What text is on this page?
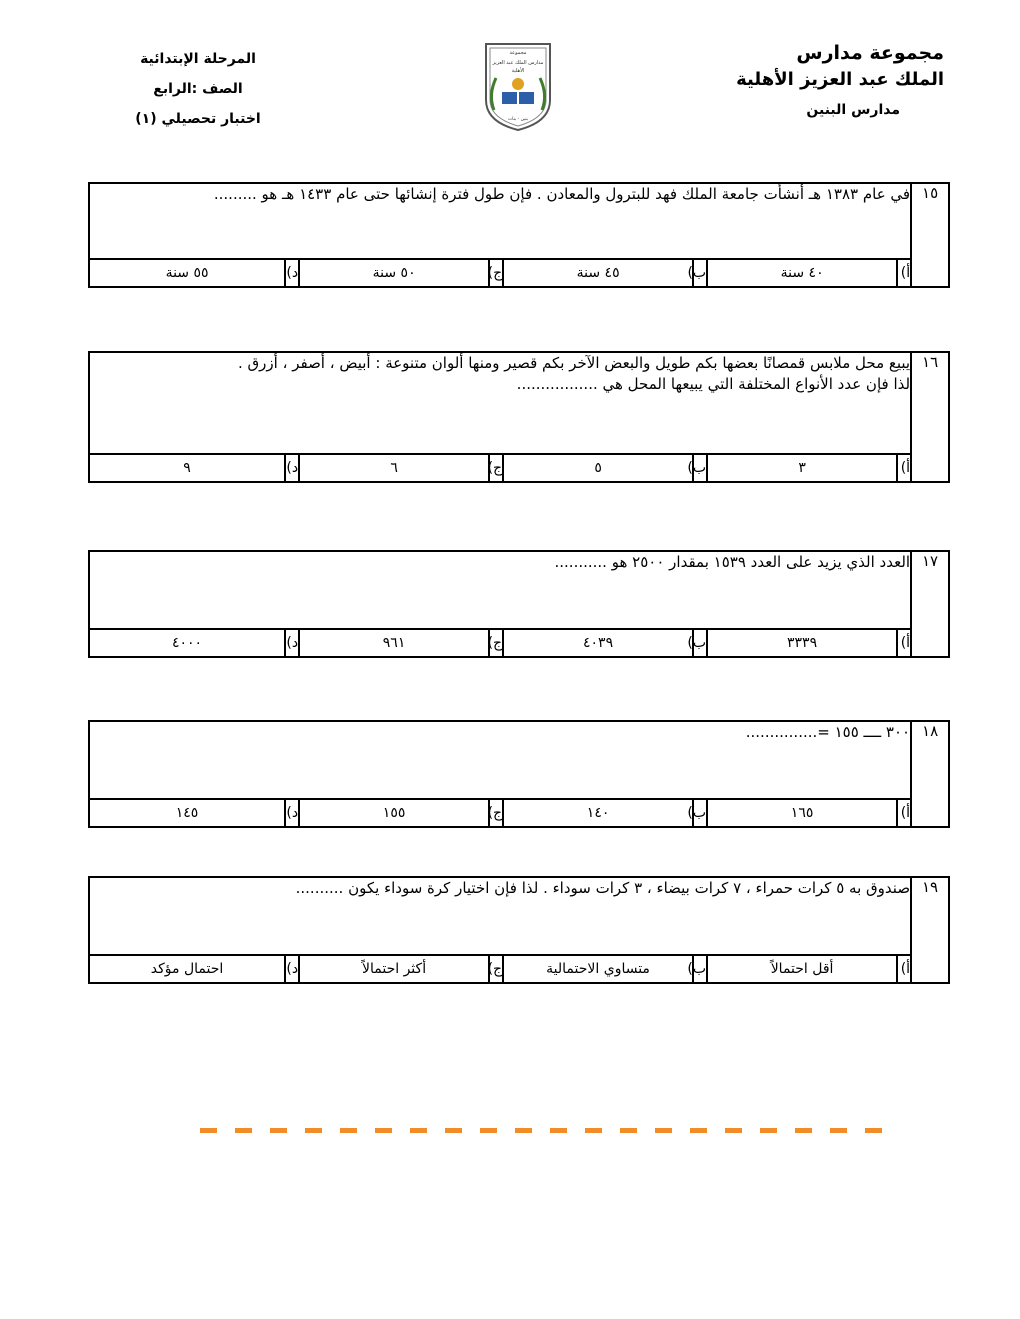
مجموعة مدارس
الملك عبد العزيز الأهلية
مدارس البنين
المرحلة الإبتدائية
الصف :الرابع
اختبار تحصيلي (١)
مجموعة
مدارس الملك عبد العزيز
الأهلية
بنين - بنات
١٥	في عام ١٣٨٣ هـ أنشأت جامعة الملك فهد للبترول والمعادن . فإن طول فترة إنشائها حتى عام ١٤٣٣ هـ هو .........							

	أ)	٤٠ سنة	ب)	٤٥ سنة	ج)	٥٠ سنة	د)	٥٥ سنة
١٦	يبيع محل ملابس قمصانًا بعضها بكم طويل والبعض الآخر بكم قصير ومنها ألوان متنوعة : أبيض ، أصفر ، أزرق .
لذا فإن عدد الأنواع المختلفة التي يبيعها المحل هي .................							

	أ)	٣	ب)	٥	ج)	٦	د)	٩
١٧	العدد الذي يزيد على العدد ١٥٣٩ بمقدار ٢٥٠٠ هو ...........							

	أ)	٣٣٣٩	ب)	٤٠٣٩	ج)	٩٦١	د)	٤٠٠٠
١٨	٣٠٠ ــــ ١٥٥ =...............							

	أ)	١٦٥	ب)	١٤٠	ج)	١٥٥	د)	١٤٥
١٩	صندوق به ٥ كرات حمراء ، ٧ كرات بيضاء ، ٣ كرات سوداء . لذا فإن اختيار كرة سوداء يكون ..........							

	أ)	أقل احتمالاً	ب)	متساوي الاحتمالية	ج)	أكثر احتمالاً	د)	احتمال مؤكد
